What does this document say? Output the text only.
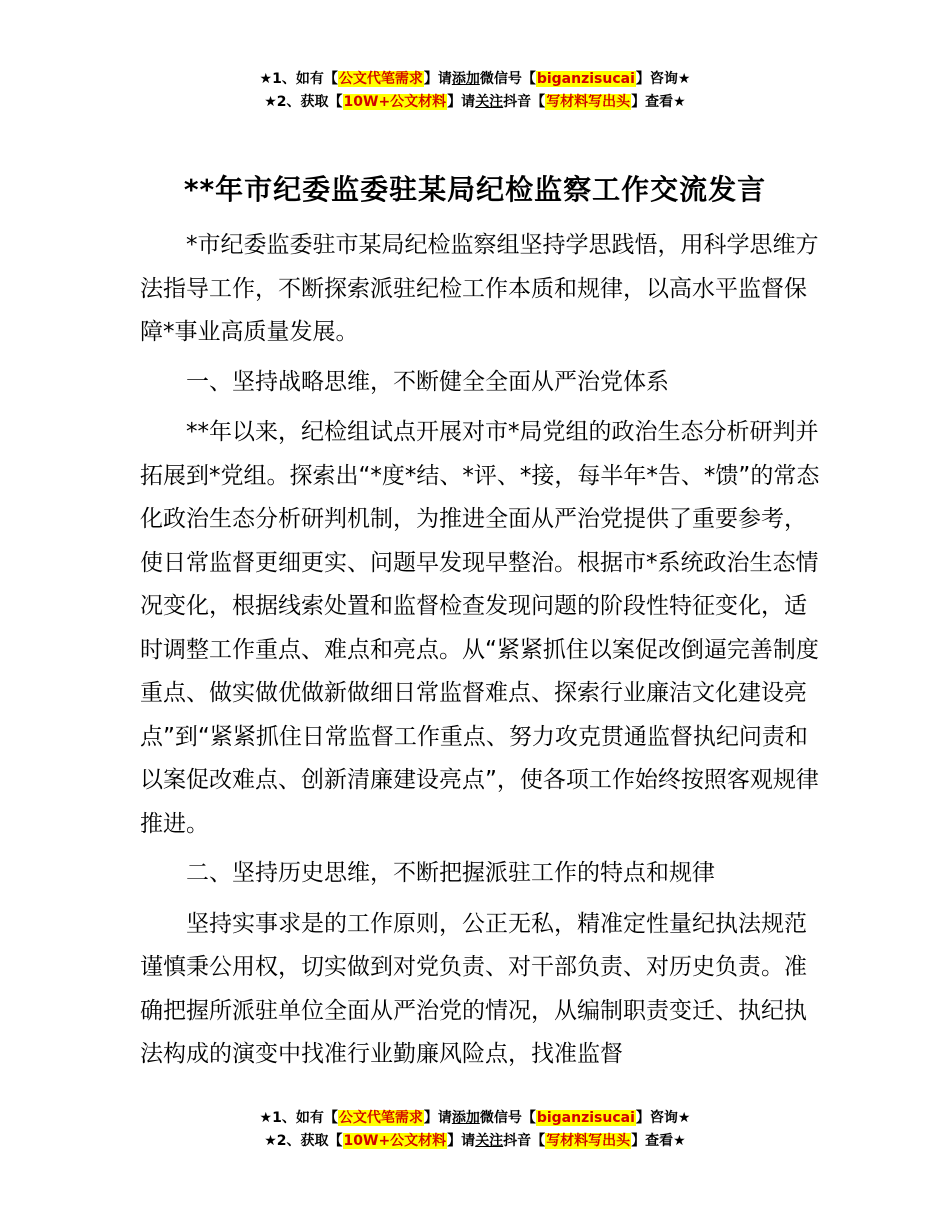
★1、如有【公文代笔需求】请添加微信号【biganzisucai】咨询★
★2、获取【10W+公文材料】请关注抖音【写材料写出头】查看★
**年市纪委监委驻某局纪检监察工作交流发言

*市纪委监委驻市某局纪检监察组坚持学思践悟，用科学思维方法指导工作，不断探索派驻纪检工作本质和规律，以高水平监督保障*事业高质量发展。

一、坚持战略思维，不断健全全面从严治党体系

**年以来，纪检组试点开展对市*局党组的政治生态分析研判并拓展到*党组。探索出“*度*结、*评、*接，每半年*告、*馈”的常态化政治生态分析研判机制，为推进全面从严治党提供了重要参考，使日常监督更细更实、问题早发现早整治。根据市*系统政治生态情况变化，根据线索处置和监督检查发现问题的阶段性特征变化，适时调整工作重点、难点和亮点。从“紧紧抓住以案促改倒逼完善制度重点、做实做优做新做细日常监督难点、探索行业廉洁文化建设亮点”到“紧紧抓住日常监督工作重点、努力攻克贯通监督执纪问责和以案促改难点、创新清廉建设亮点”，使各项工作始终按照客观规律推进。

二、坚持历史思维，不断把握派驻工作的特点和规律

坚持实事求是的工作原则，公正无私，精准定性量纪执法规范谨慎秉公用权，切实做到对党负责、对干部负责、对历史负责。准确把握所派驻单位全面从严治党的情况，从编制职责变迁、执纪执法构成的演变中找准行业勤廉风险点，找准监督

★1、如有【公文代笔需求】请添加微信号【biganzisucai】咨询★
★2、获取【10W+公文材料】请关注抖音【写材料写出头】查看★
